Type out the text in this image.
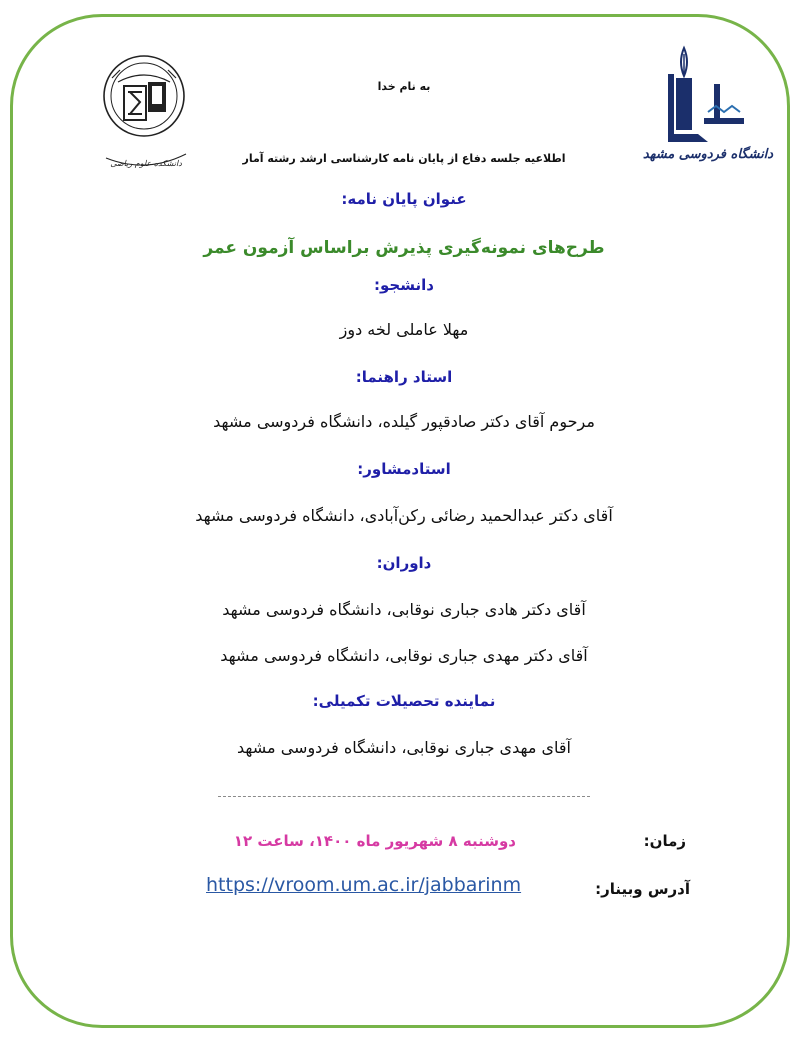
دانشکده علوم ریاضی
دانشگاه فردوسی مشهد
به نام خدا
اطلاعیه جلسه دفاع از پایان نامه کارشناسی ارشد رشته آمار
عنوان پایان نامه:
طرح‌های نمونه‌گیری پذیرش براساس آزمون عمر
دانشجو:
مهلا عاملی لخه دوز
استاد راهنما:
مرحوم آقای دکتر صادقپور گیلده، دانشگاه فردوسی مشهد
استادمشاور:
آقای دکتر عبدالحمید رضائی رکن‌آبادی، دانشگاه فردوسی مشهد
داوران:
آقای دکتر هادی جباری نوقابی، دانشگاه فردوسی مشهد
آقای دکتر مهدی جباری نوقابی، دانشگاه فردوسی مشهد
نماینده تحصیلات تکمیلی:
آقای مهدی جباری نوقابی، دانشگاه فردوسی مشهد
زمان:
دوشنبه ۸ شهریور ماه ۱۴۰۰، ساعت ۱۲
آدرس وبینار:
https://vroom.um.ac.ir/jabbarinm
